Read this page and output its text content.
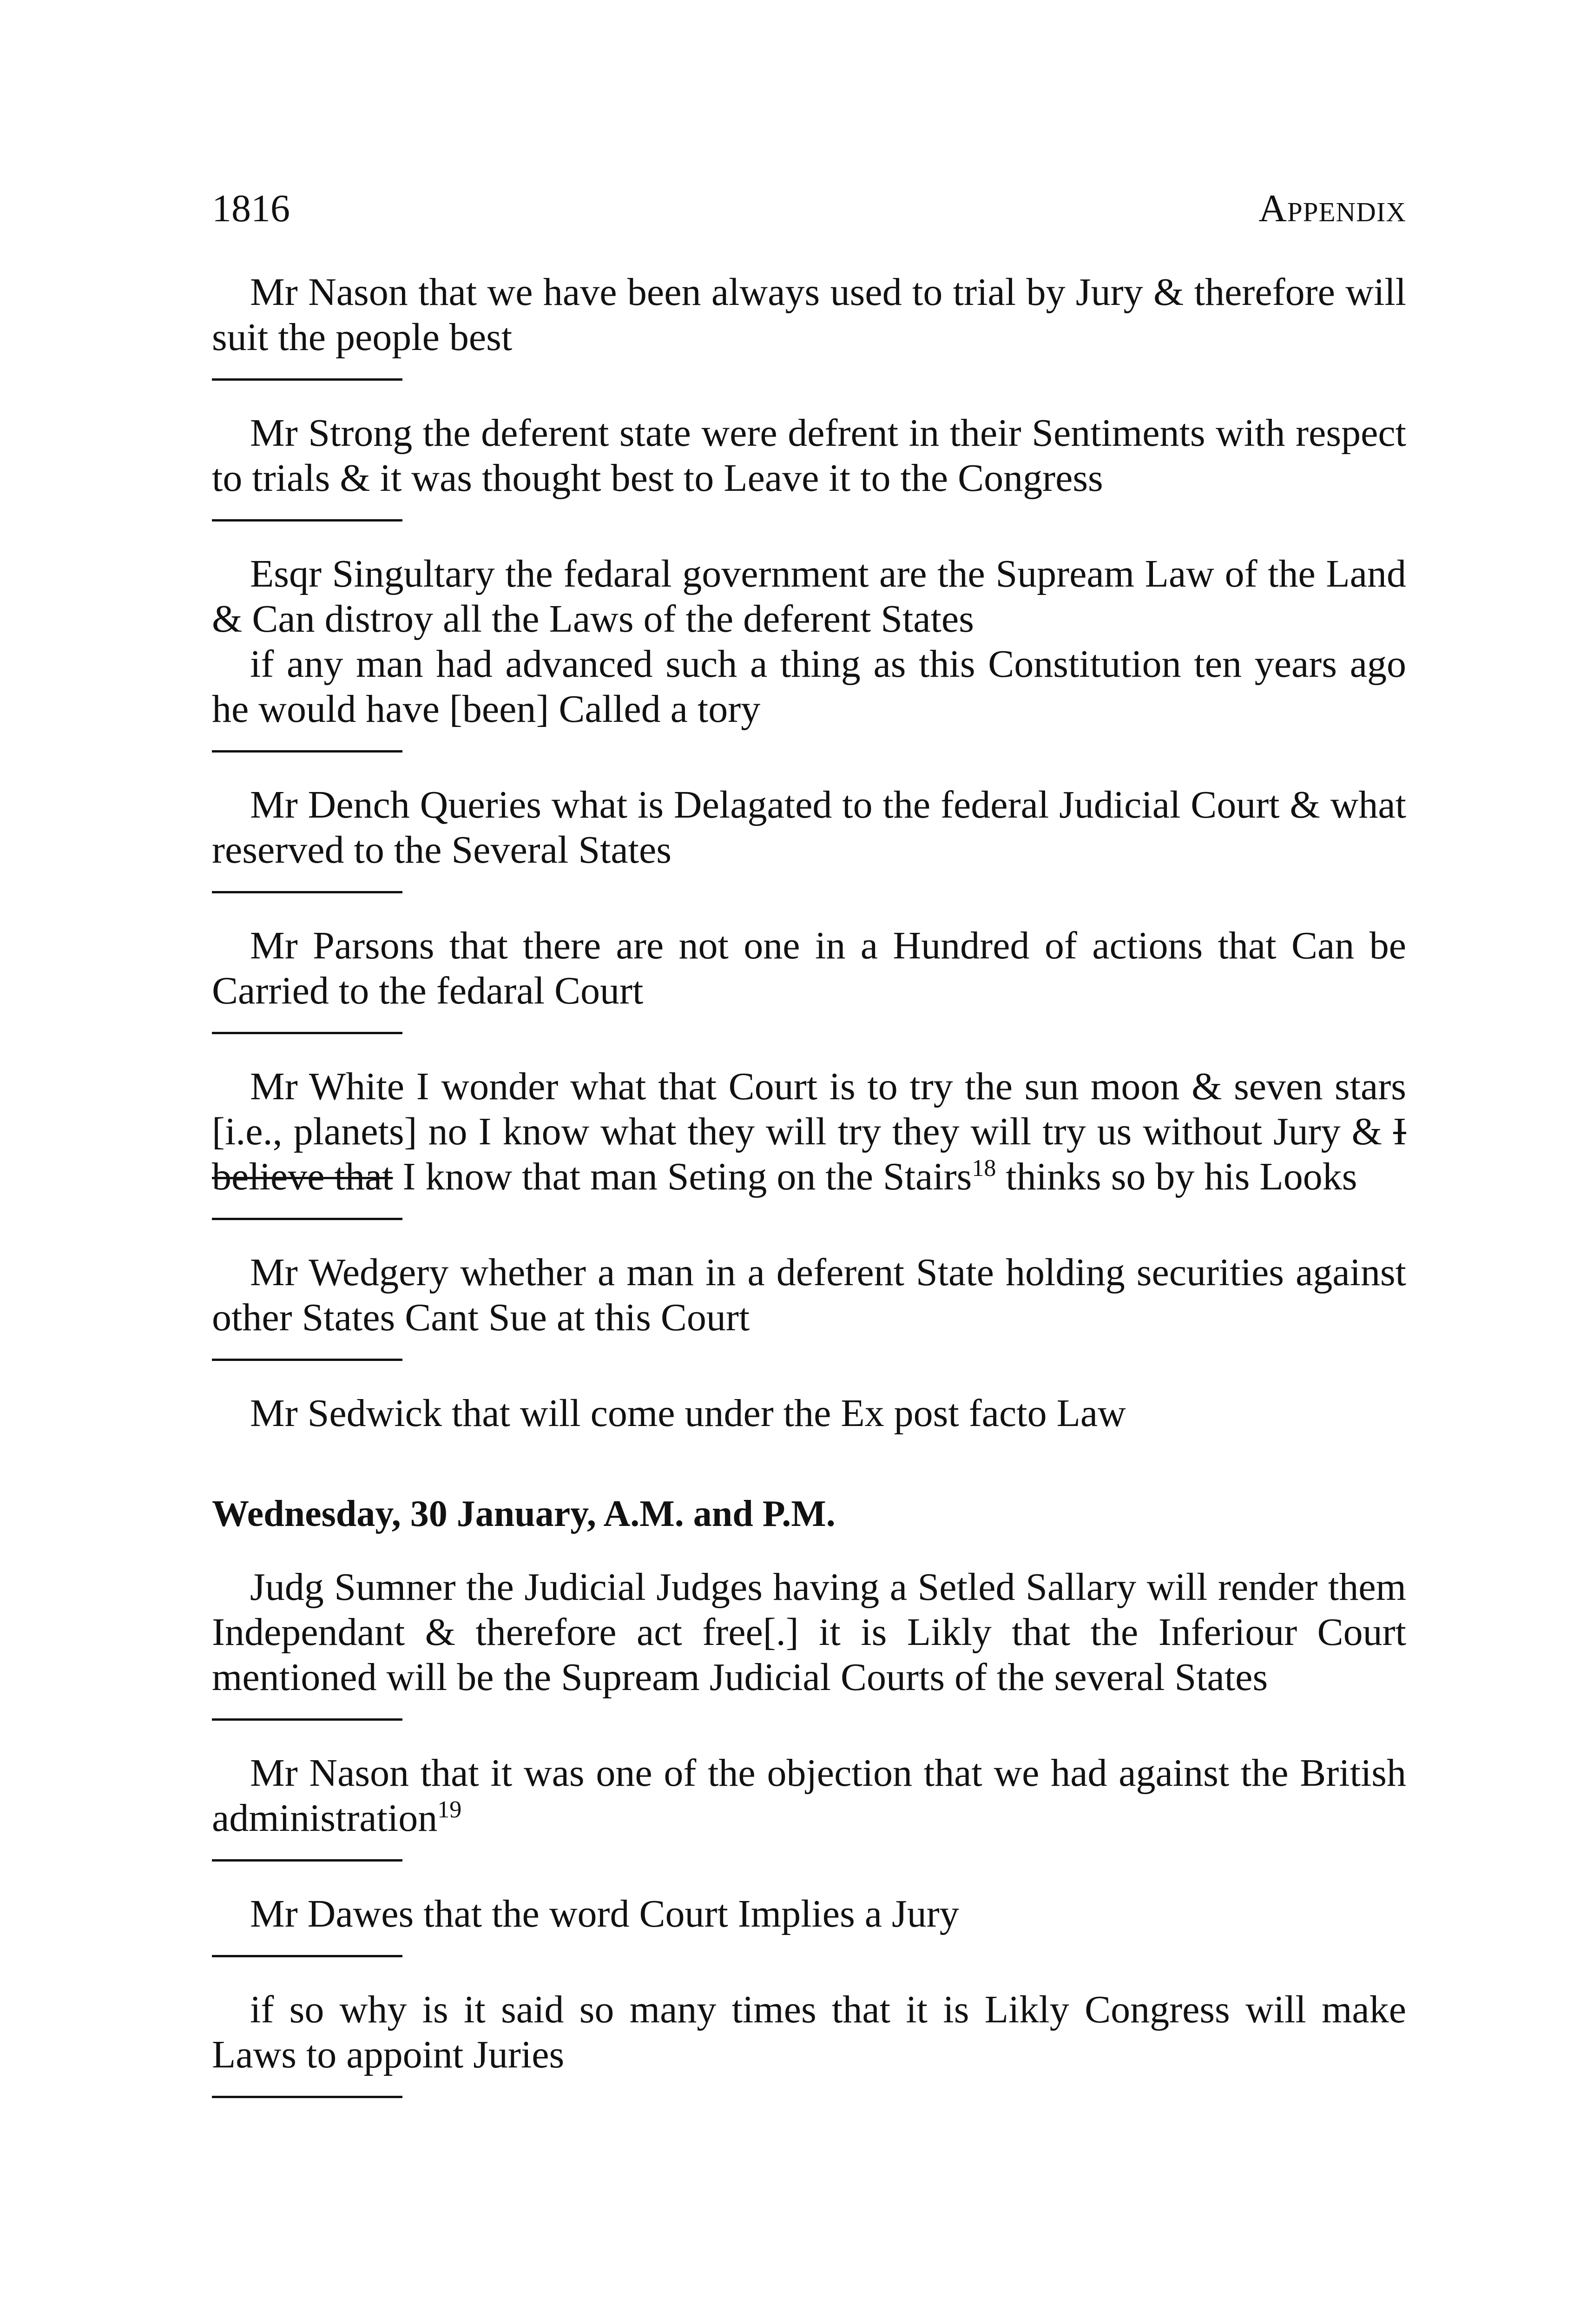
1816	Appendix

Mr Nason that we have been always used to trial by Jury & therefore will suit the people best

Mr Strong the deferent state were defrent in their Sentiments with respect to trials & it was thought best to Leave it to the Congress

Esqr Singultary the fedaral government are the Supream Law of the Land & Can distroy all the Laws of the deferent States

if any man had advanced such a thing as this Constitution ten years ago he would have [been] Called a tory

Mr Dench Queries what is Delagated to the federal Judicial Court & what reserved to the Several States

Mr Parsons that there are not one in a Hundred of actions that Can be Carried to the fedaral Court

Mr White I wonder what that Court is to try the sun moon & seven stars [i.e., planets] no I know what they will try they will try us without Jury & I believe that I know that man Seting on the Stairs$^{18}$ thinks so by his Looks

Mr Wedgery whether a man in a deferent State holding securities against other States Cant Sue at this Court

Mr Sedwick that will come under the Ex post facto Law

Wednesday, 30 January, A.M. and P.M.

Judg Sumner the Judicial Judges having a Setled Sallary will render them Independant & therefore act free[.] it is Likly that the Inferiour Court mentioned will be the Supream Judicial Courts of the several States

Mr Nason that it was one of the objection that we had against the British administration$^{19}$

Mr Dawes that the word Court Implies a Jury

if so why is it said so many times that it is Likly Congress will make Laws to appoint Juries
